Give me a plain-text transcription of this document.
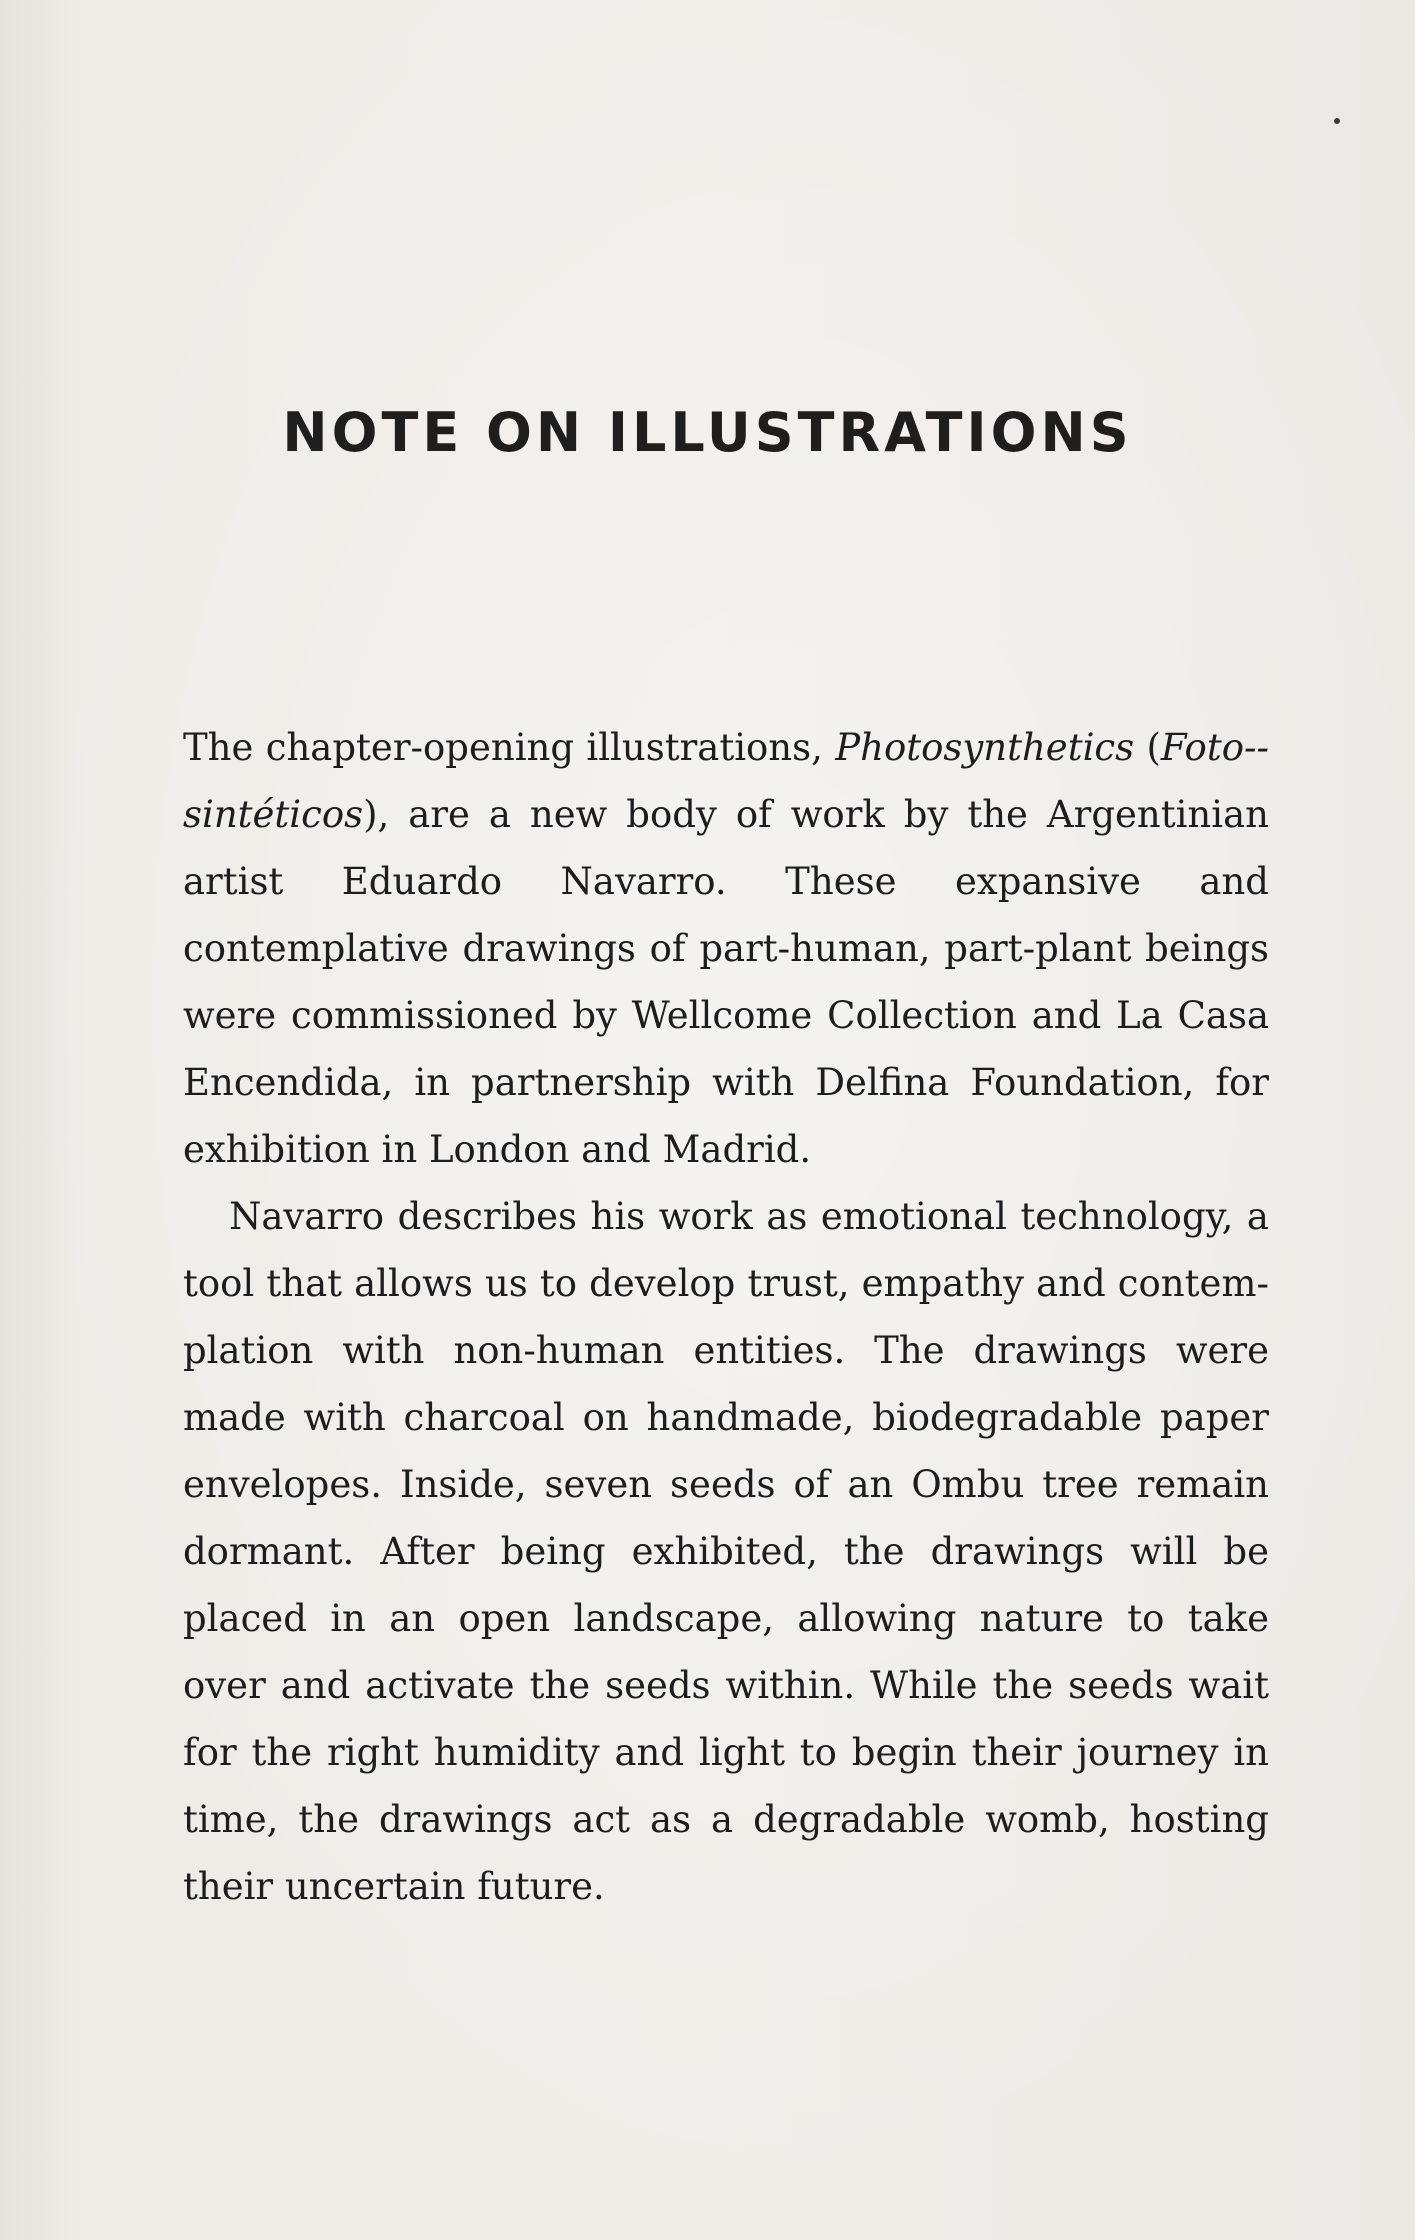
NOTE ON ILLUSTRATIONS

The chapter-opening illustrations, Photosynthetics (Foto-sintéticos), are a new body of work by the Argentinian artist Eduardo Navarro. These expansive and contemplative drawings of part-human, part-plant beings were commissioned by Wellcome Collection and La Casa Encendida, in partnership with Delfina Foundation, for exhibition in London and Madrid.

Navarro describes his work as emotional technology, a tool that allows us to develop trust, empathy and contemplation with non-human entities. The drawings were made with charcoal on handmade, biodegradable paper envelopes. Inside, seven seeds of an Ombu tree remain dormant. After being exhibited, the drawings will be placed in an open landscape, allowing nature to take over and activate the seeds within. While the seeds wait for the right humidity and light to begin their journey in time, the drawings act as a degradable womb, hosting their uncertain future.
